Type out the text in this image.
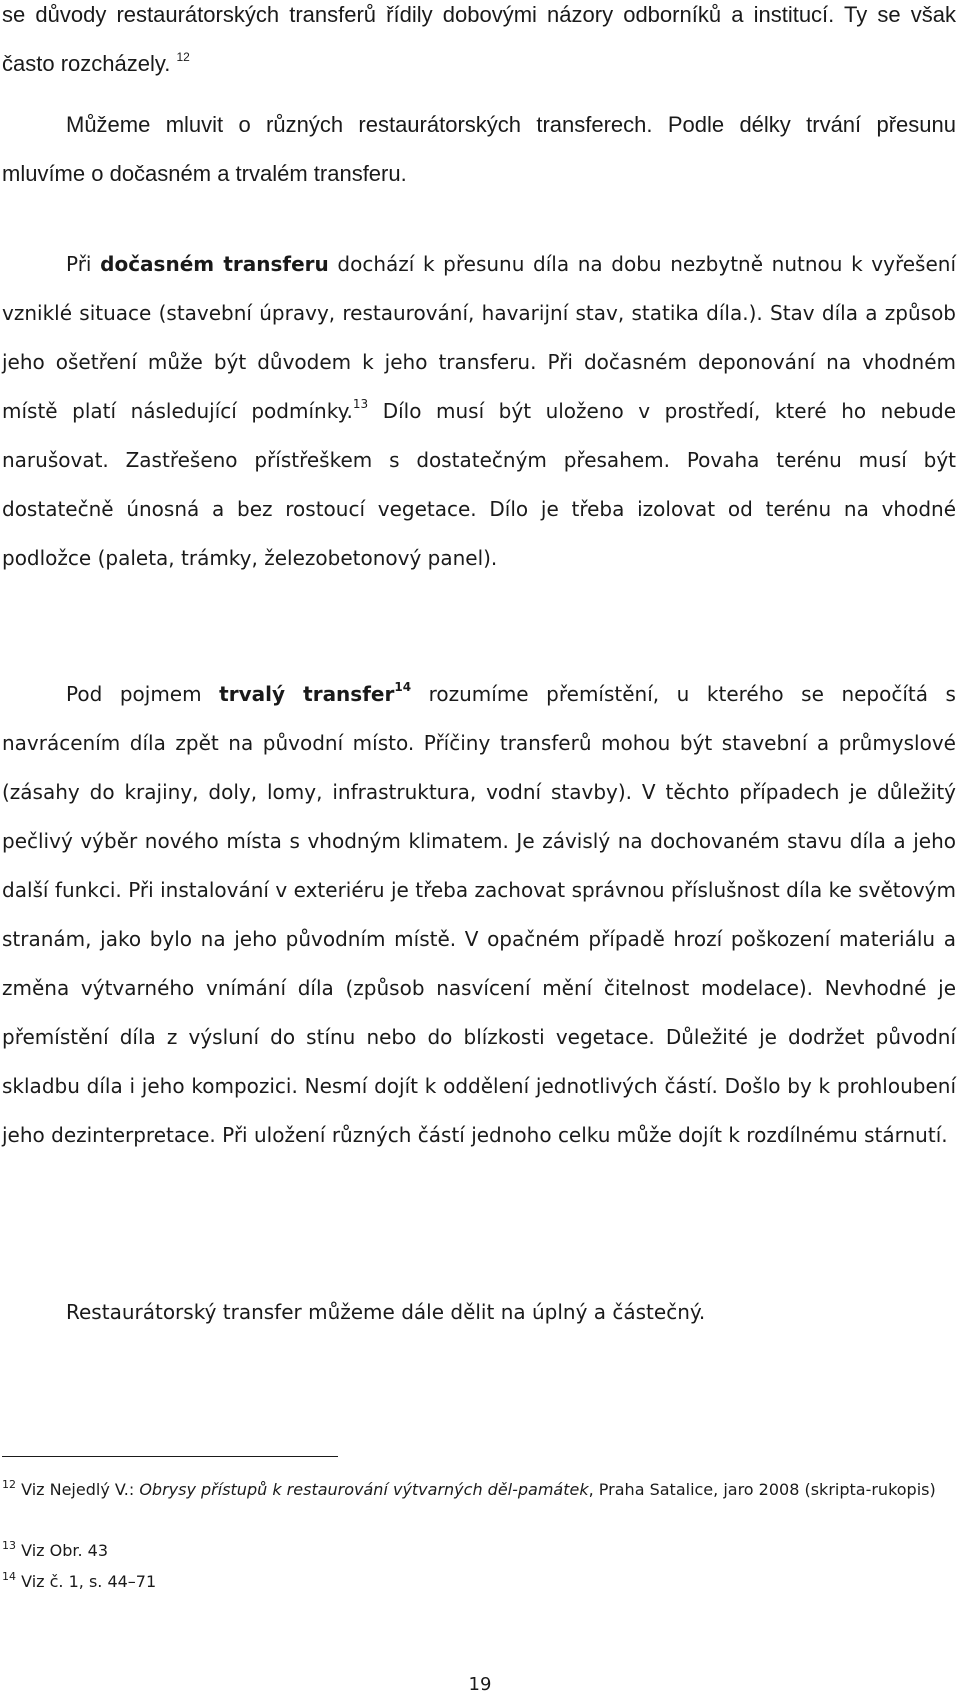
se důvody restaurátorských transferů řídily dobovými názory odborníků a institucí. Ty se však často rozcházely. $^{12}$

Můžeme mluvit o různých restaurátorských transferech. Podle délky trvání přesunu mluvíme o dočasném a trvalém transferu.

Při dočasném transferu dochází k přesunu díla na dobu nezbytně nutnou k vyřešení vzniklé situace (stavební úpravy, restaurování, havarijní stav, statika díla.). Stav díla a způsob jeho ošetření může být důvodem k jeho transferu. Při dočasném deponování na vhodném místě platí následující podmínky.$^{13}$ Dílo musí být uloženo v prostředí, které ho nebude narušovat. Zastřešeno přístřeškem s dostatečným přesahem. Povaha terénu musí být dostatečně únosná a bez rostoucí vegetace. Dílo je třeba izolovat od terénu na vhodné podložce (paleta, trámky, železobetonový panel).

Pod pojmem trvalý transfer$^{14}$ rozumíme přemístění, u kterého se nepočítá s navrácením díla zpět na původní místo. Příčiny transferů mohou být stavební a průmyslové (zásahy do krajiny, doly, lomy, infrastruktura, vodní stavby). V těchto případech je důležitý pečlivý výběr nového místa s vhodným klimatem. Je závislý na dochovaném stavu díla a jeho další funkci. Při instalování v exteriéru je třeba zachovat správnou příslušnost díla ke světovým stranám, jako bylo na jeho původním místě. V opačném případě hrozí poškození materiálu a změna výtvarného vnímání díla (způsob nasvícení mění čitelnost modelace). Nevhodné je přemístění díla z výsluní do stínu nebo do blízkosti vegetace. Důležité je dodržet původní skladbu díla i jeho kompozici. Nesmí dojít k oddělení jednotlivých částí. Došlo by k prohloubení jeho dezinterpretace. Při uložení různých částí jednoho celku může dojít k rozdílnému stárnutí.

Restaurátorský transfer můžeme dále dělit na úplný a částečný.

$^{12}$ Viz Nejedlý V.: Obrysy přístupů k restaurování výtvarných děl-památek, Praha Satalice, jaro 2008 (skripta-rukopis)

$^{13}$ Viz Obr. 43

$^{14}$ Viz č. 1, s. 44–71

19
